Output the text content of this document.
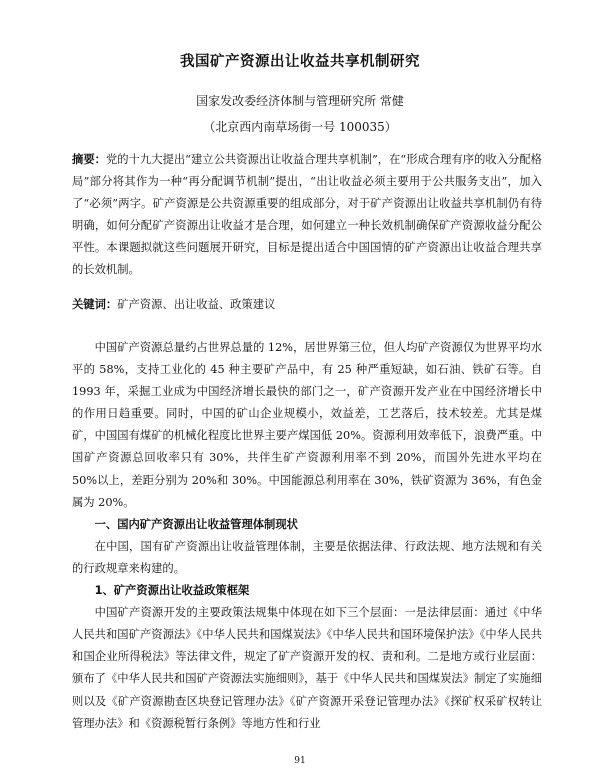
我国矿产资源出让收益共享机制研究
国家发改委经济体制与管理研究所 常健
（北京西内南草场街一号 100035）
摘要：党的十九大提出“建立公共资源出让收益合理共享机制”，在“形成合理有序的收入分配格局”部分将其作为一种“再分配调节机制”提出，“出让收益必须主要用于公共服务支出”，加入了“必须”两字。矿产资源是公共资源重要的组成部分，对于矿产资源出让收益共享机制仍有待明确，如何分配矿产资源出让收益才是合理，如何建立一种长效机制确保矿产资源收益分配公平性。本课题拟就这些问题展开研究，目标是提出适合中国国情的矿产资源出让收益合理共享的长效机制。
关键词：矿产资源、出让收益、政策建议

中国矿产资源总量约占世界总量的 12%，居世界第三位，但人均矿产资源仅为世界平均水平的 58%，支持工业化的 45 种主要矿产品中，有 25 种严重短缺，如石油、铁矿石等。自 1993 年，采掘工业成为中国经济增长最快的部门之一，矿产资源开发产业在中国经济增长中的作用日趋重要。同时，中国的矿山企业规模小，效益差，工艺落后，技术较差。尤其是煤矿，中国国有煤矿的机械化程度比世界主要产煤国低 20%。资源利用效率低下，浪费严重。中国矿产资源总回收率只有 30%，共伴生矿产资源利用率不到 20%，而国外先进水平均在 50%以上，差距分别为 20%和 30%。中国能源总利用率在 30%，铁矿资源为 36%，有色金属为 20%。

一、国内矿产资源出让收益管理体制现状

在中国，国有矿产资源出让收益管理体制，主要是依据法律、行政法规、地方法规和有关的行政规章来构建的。

1、矿产资源出让收益政策框架

中国矿产资源开发的主要政策法规集中体现在如下三个层面：一是法律层面：通过《中华人民共和国矿产资源法》《中华人民共和国煤炭法》《中华人民共和国环境保护法》《中华人民共和国企业所得税法》等法律文件，规定了矿产资源开发的权、责和利。二是地方或行业层面：颁布了《中华人民共和国矿产资源法实施细则》，基于《中华人民共和国煤炭法》制定了实施细则以及《矿产资源勘查区块登记管理办法》《矿产资源开采登记管理办法》《探矿权采矿权转让管理办法》和《资源税暂行条例》等地方性和行业

91
